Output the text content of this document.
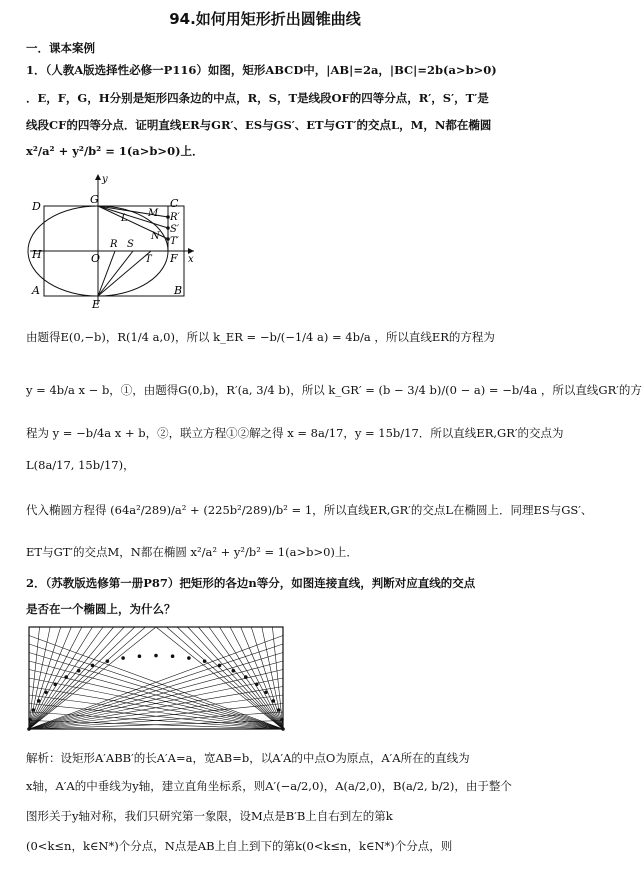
94.如何用矩形折出圆锥曲线
一．课本案例
1．（人教A版选择性必修一P116）如图，矩形ABCD中，|AB|=2a，|BC|=2b(a>b>0)
．E，F，G，H分别是矩形四条边的中点，R，S，T是线段OF的四等分点，R′，S′，T′是
线段CF的四等分点．证明直线ER与GR′、ES与GS′、ET与GT′的交点L，M，N都在椭圆
x²/a² + y²/b² = 1(a>b>0)上．
D
G	C
L M R′
S′
N T′
H	O
R S
T F x
y
A
E
B
由题得E(0,−b)，R(1/4 a,0)，所以 k_ER = −b/(−1/4 a) = 4b/a ，所以直线ER的方程为
y = 4b/a x − b，①，由题得G(0,b)，R′(a, 3/4 b)，所以 k_GR′ = (b − 3/4 b)/(0 − a) = −b/4a ，所以直线GR′的方
程为 y = −b/4a x + b，②，联立方程①②解之得 x = 8a/17，y = 15b/17．所以直线ER,GR′的交点为
L(8a/17, 15b/17)，
代入椭圆方程得 (64a²/289)/a² + (225b²/289)/b² = 1，所以直线ER,GR′的交点L在椭圆上．同理ES与GS′、
ET与GT′的交点M，N都在椭圆 x²/a² + y²/b² = 1(a>b>0)上．
2．（苏教版选修第一册P87）把矩形的各边n等分，如图连接直线，判断对应直线的交点
是否在一个椭圆上，为什么？
解析：设矩形A′ABB′的长A′A=a，宽AB=b，以A′A的中点O为原点，A′A所在的直线为
x轴，A′A的中垂线为y轴，建立直角坐标系，则A′(−a/2,0)，A(a/2,0)，B(a/2, b/2)，由于整个
图形关于y轴对称，我们只研究第一象限，设M点是B′B上自右到左的第k
(0<k≤n，k∈N*)个分点，N点是AB上自上到下的第k(0<k≤n，k∈N*)个分点，则
